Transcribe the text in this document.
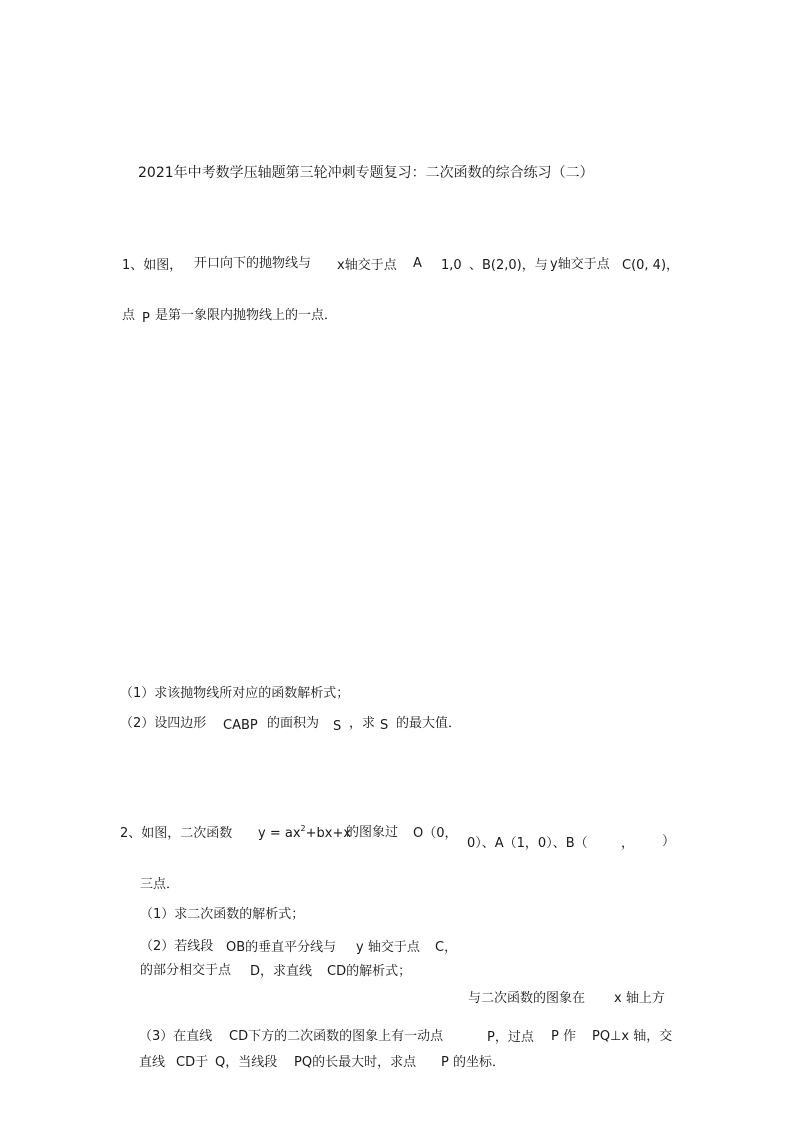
2021年中考数学压轴题第三轮冲刺专题复习：二次函数的综合练习（二）
1、如图， 开口向下的抛物线与 x轴交于点 A 1,0 、B(2,0)，与 y轴交于点 C(0, 4)，
点 P 是第一象限内抛物线上的一点．
（1）求该抛物线所对应的函数解析式；
（2）设四边形 CABP 的面积为 S ，求 S 的最大值．
2、如图，二次函数 $y = ax^2+bx+x$
的图象过 O（0，
0）、A（1，0）、B（	， ）
三点．
（1）求二次函数的解析式；
（2）若线段 OB的垂直平分线与 y 轴交于点 C，
的部分相交于点 D，求直线 CD的解析式；
与二次函数的图象在 x 轴上方
（3）在直线 CD下方的二次函数的图象上有一动点	P，过点 P 作 PQ⊥x 轴，交
直线 CD于 Q，当线段 PQ的长最大时，求点 P 的坐标．
